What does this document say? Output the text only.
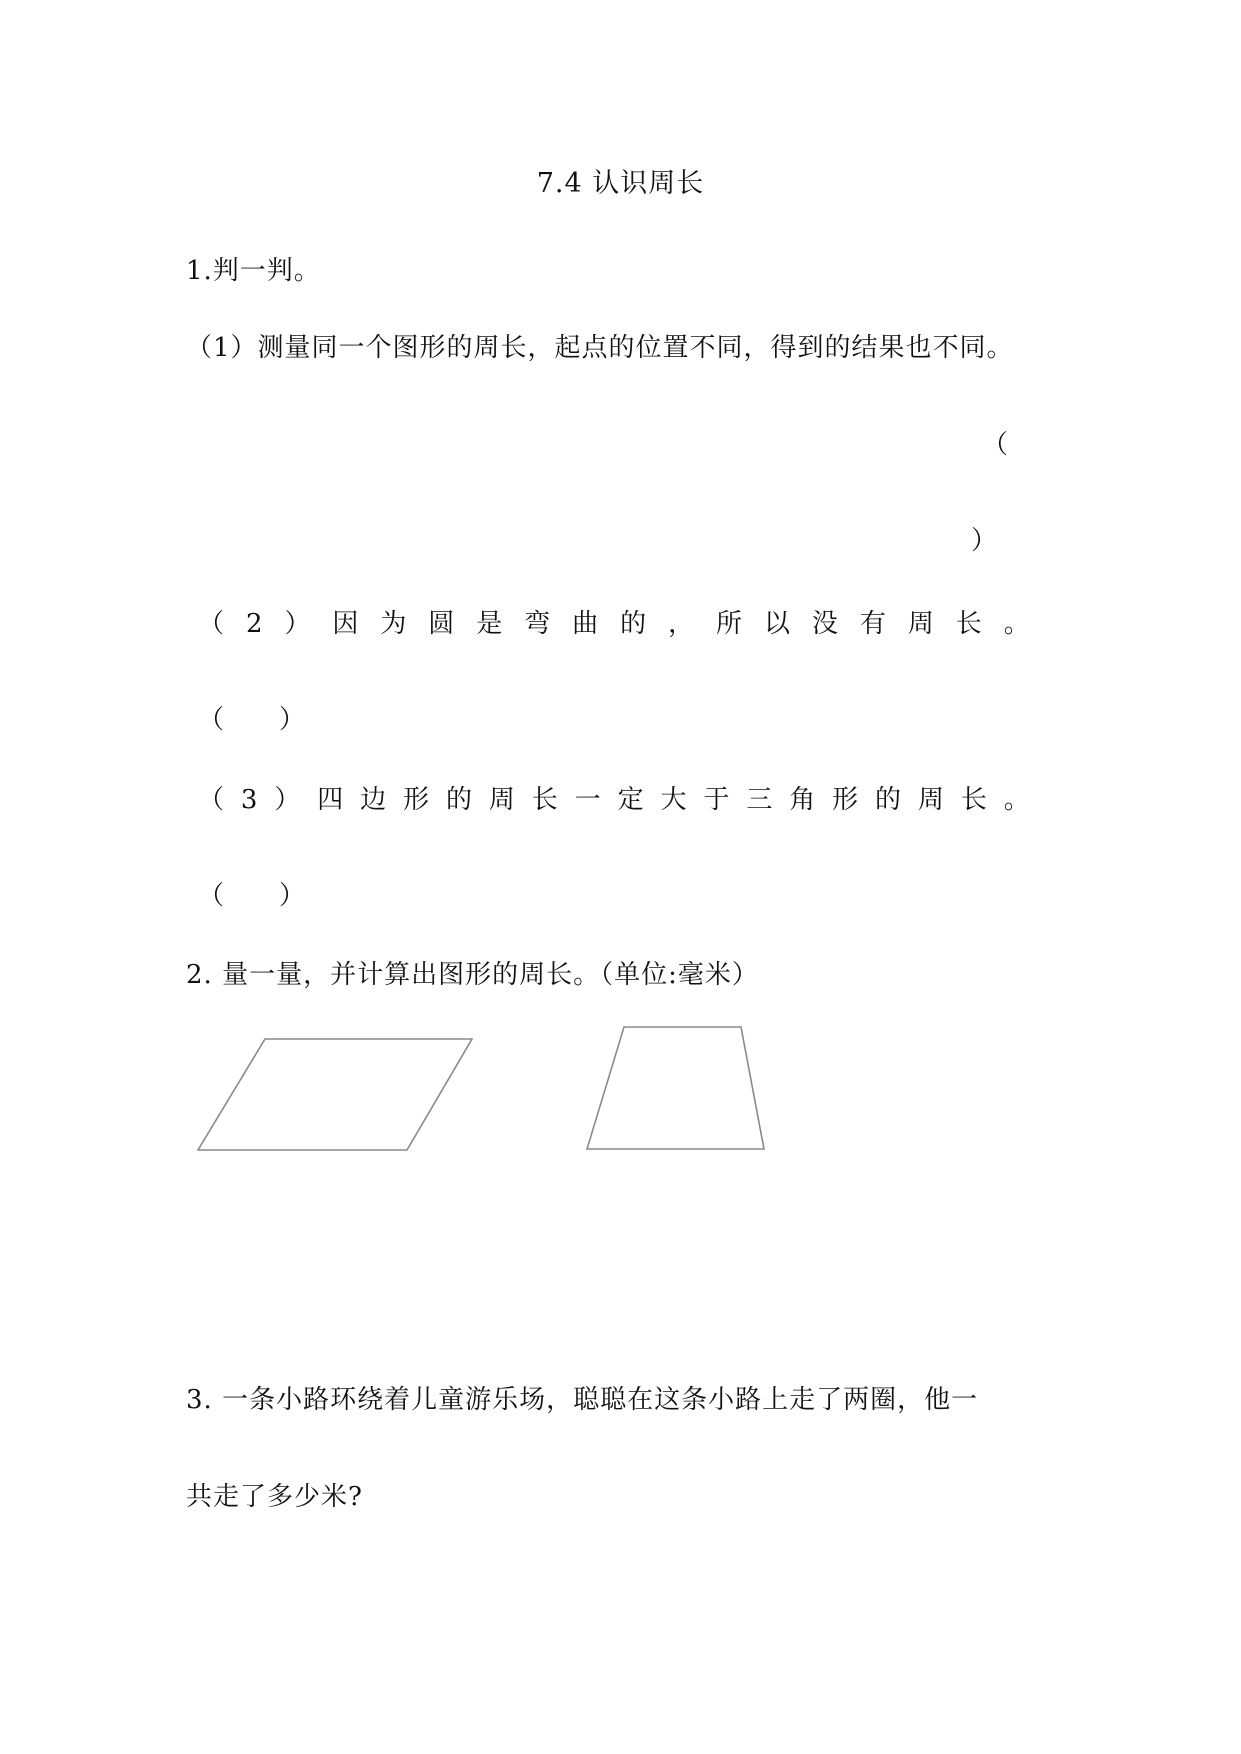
7.4 认识周长
1.判一判。
（1）测量同一个图形的周长，起点的位置不同，得到的结果也不同。
（
）
（ 2 ） 因 为 圆 是 弯 曲 的 ， 所 以 没 有 周 长 。
（　　）
（ 3 ） 四 边 形 的 周 长 一 定 大 于 三 角 形 的 周 长 。
（　　）
2. 量一量，并计算出图形的周长。（单位:毫米）
3. 一条小路环绕着儿童游乐场，聪聪在这条小路上走了两圈，他一
共走了多少米?
